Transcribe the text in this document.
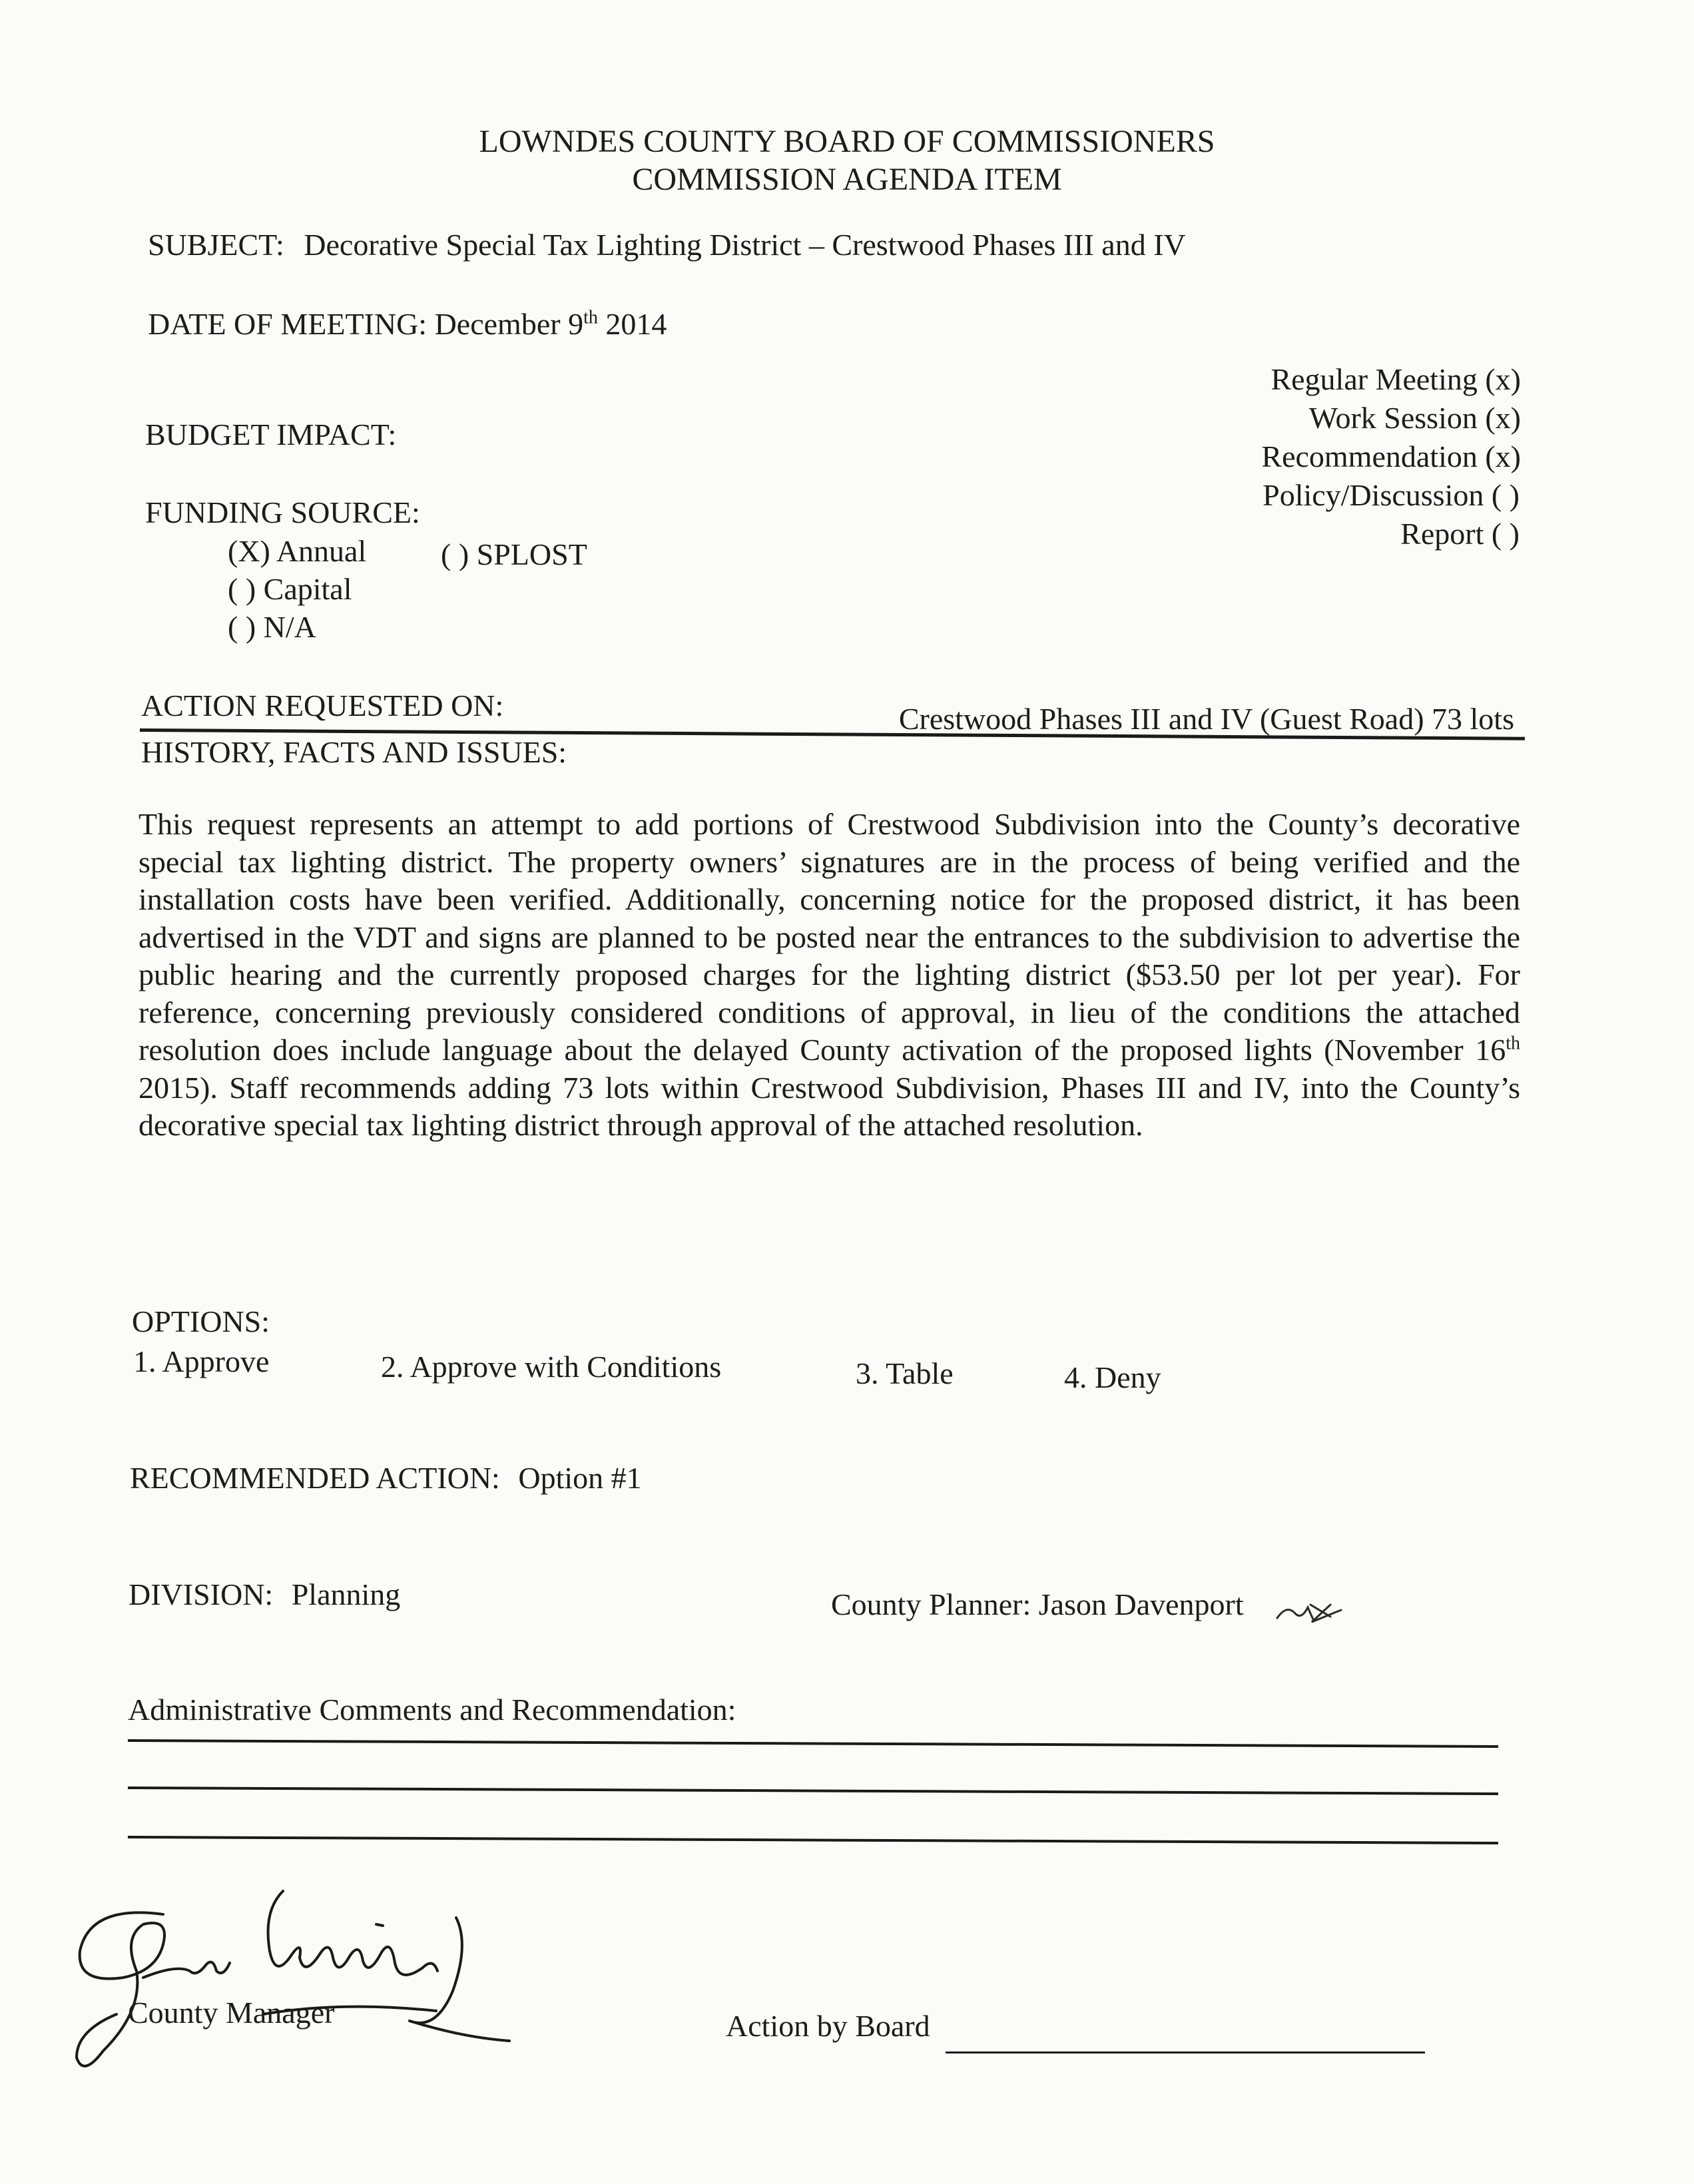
LOWNDES COUNTY BOARD OF COMMISSIONERS
COMMISSION AGENDA ITEM
SUBJECT: Decorative Special Tax Lighting District – Crestwood Phases III and IV
DATE OF MEETING: December 9th 2014
Regular Meeting (x)
Work Session (x)
Recommendation (x)
Policy/Discussion ( )
Report ( )
BUDGET IMPACT:
FUNDING SOURCE:
(X) Annual ( ) SPLOST
( ) Capital
( ) N/A
ACTION REQUESTED ON:	Crestwood Phases III and IV (Guest Road) 73 lots
HISTORY, FACTS AND ISSUES:
This request represents an attempt to add portions of Crestwood Subdivision into the County’s decorative special tax lighting district. The property owners’ signatures are in the process of being verified and the installation costs have been verified. Additionally, concerning notice for the proposed district, it has been advertised in the VDT and signs are planned to be posted near the entrances to the subdivision to advertise the public hearing and the currently proposed charges for the lighting district ($53.50 per lot per year). For reference, concerning previously considered conditions of approval, in lieu of the conditions the attached resolution does include language about the delayed County activation of the proposed lights (November 16th 2015). Staff recommends adding 73 lots within Crestwood Subdivision, Phases III and IV, into the County’s decorative special tax lighting district through approval of the attached resolution.
OPTIONS:
1. Approve	2. Approve with Conditions	3. Table	4. Deny
RECOMMENDED ACTION: Option #1
DIVISION: Planning	County Planner: Jason Davenport
Administrative Comments and Recommendation:
County Manager	Action by Board
